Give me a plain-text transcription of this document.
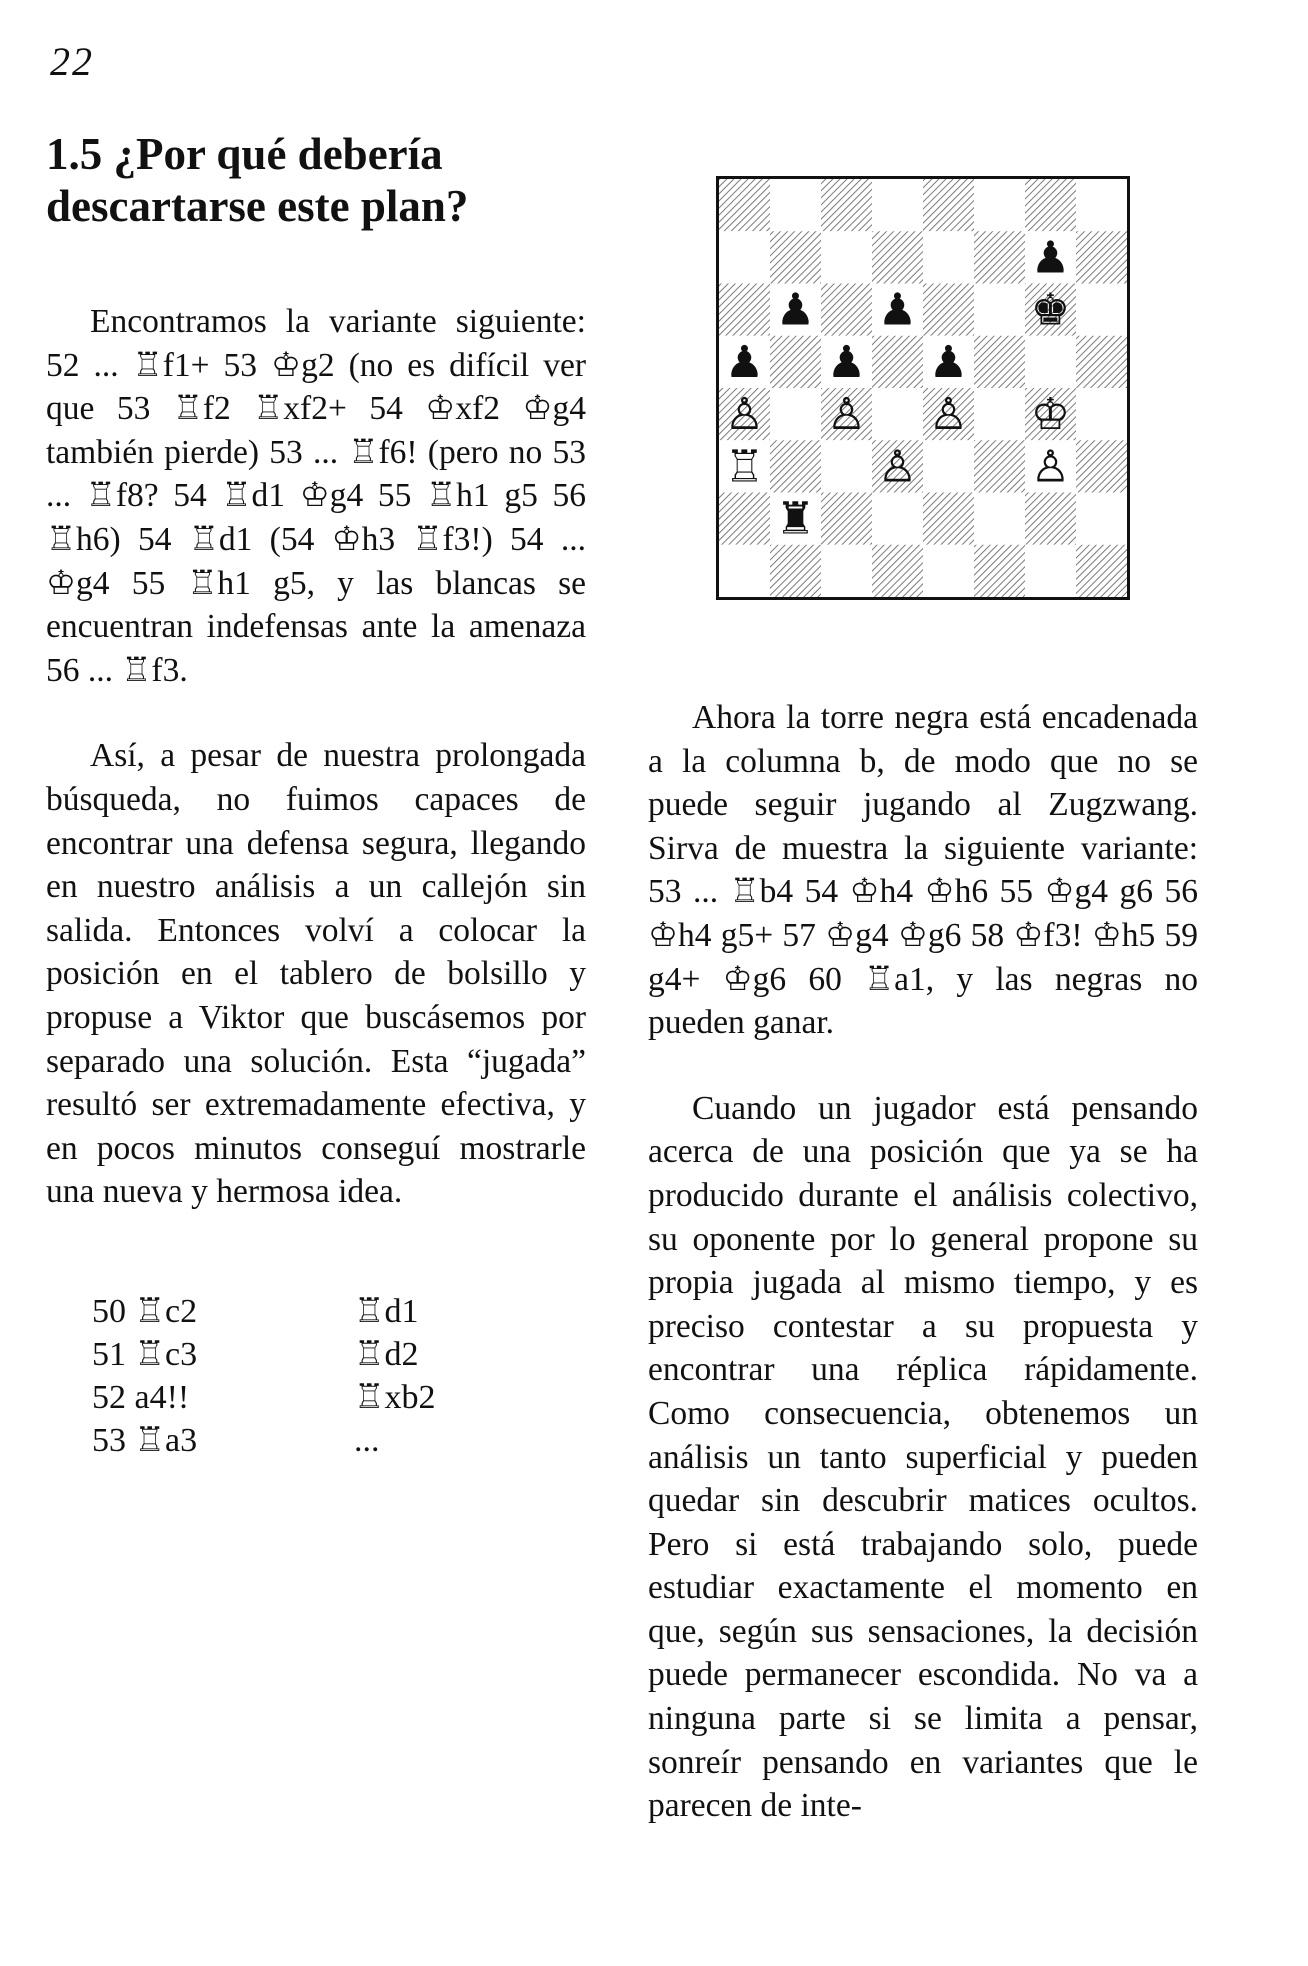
22
1.5 ¿Por qué debería descartarse este plan?

Encontramos la variante siguiente: 52 ... ♖f1+ 53 ♔g2 (no es difícil ver que 53 ♖f2 ♖xf2+ 54 ♔xf2 ♔g4 también pierde) 53 ... ♖f6! (pero no 53 ... ♖f8? 54 ♖d1 ♔g4 55 ♖h1 g5 56 ♖h6) 54 ♖d1 (54 ♔h3 ♖f3!) 54 ... ♔g4 55 ♖h1 g5, y las blancas se encuentran indefensas ante la amenaza 56 ... ♖f3.

Así, a pesar de nuestra prolongada búsqueda, no fuimos capaces de encontrar una defensa segura, llegando en nuestro análisis a un callejón sin salida. Entonces volví a colocar la posición en el tablero de bolsillo y propuse a Viktor que buscásemos por separado una solución. Esta “jugada” resultó ser extremadamente efectiva, y en pocos minutos conseguí mostrarle una nueva y hermosa idea.

50 ♖c2	♖d1
51 ♖c3	♖d2
52 a4!!	♖xb2
53 ♖a3	...
♟
♟ ♟	♚
♟ ♟ ♟
♙ ♙ ♙ ♔
♖	♙	♙
♜

Ahora la torre negra está encadenada a la columna b, de modo que no se puede seguir jugando al Zugzwang. Sirva de muestra la siguiente variante: 53 ... ♖b4 54 ♔h4 ♔h6 55 ♔g4 g6 56 ♔h4 g5+ 57 ♔g4 ♔g6 58 ♔f3! ♔h5 59 g4+ ♔g6 60 ♖a1, y las negras no pueden ganar.

Cuando un jugador está pensando acerca de una posición que ya se ha producido durante el análisis colectivo, su oponente por lo general propone su propia jugada al mismo tiempo, y es preciso contestar a su propuesta y encontrar una réplica rápidamente. Como consecuencia, obtenemos un análisis un tanto superficial y pueden quedar sin descubrir matices ocultos. Pero si está trabajando solo, puede estudiar exactamente el momento en que, según sus sensaciones, la decisión puede permanecer escondida. No va a ninguna parte si se limita a pensar, sonreír pensando en variantes que le parecen de inte-
